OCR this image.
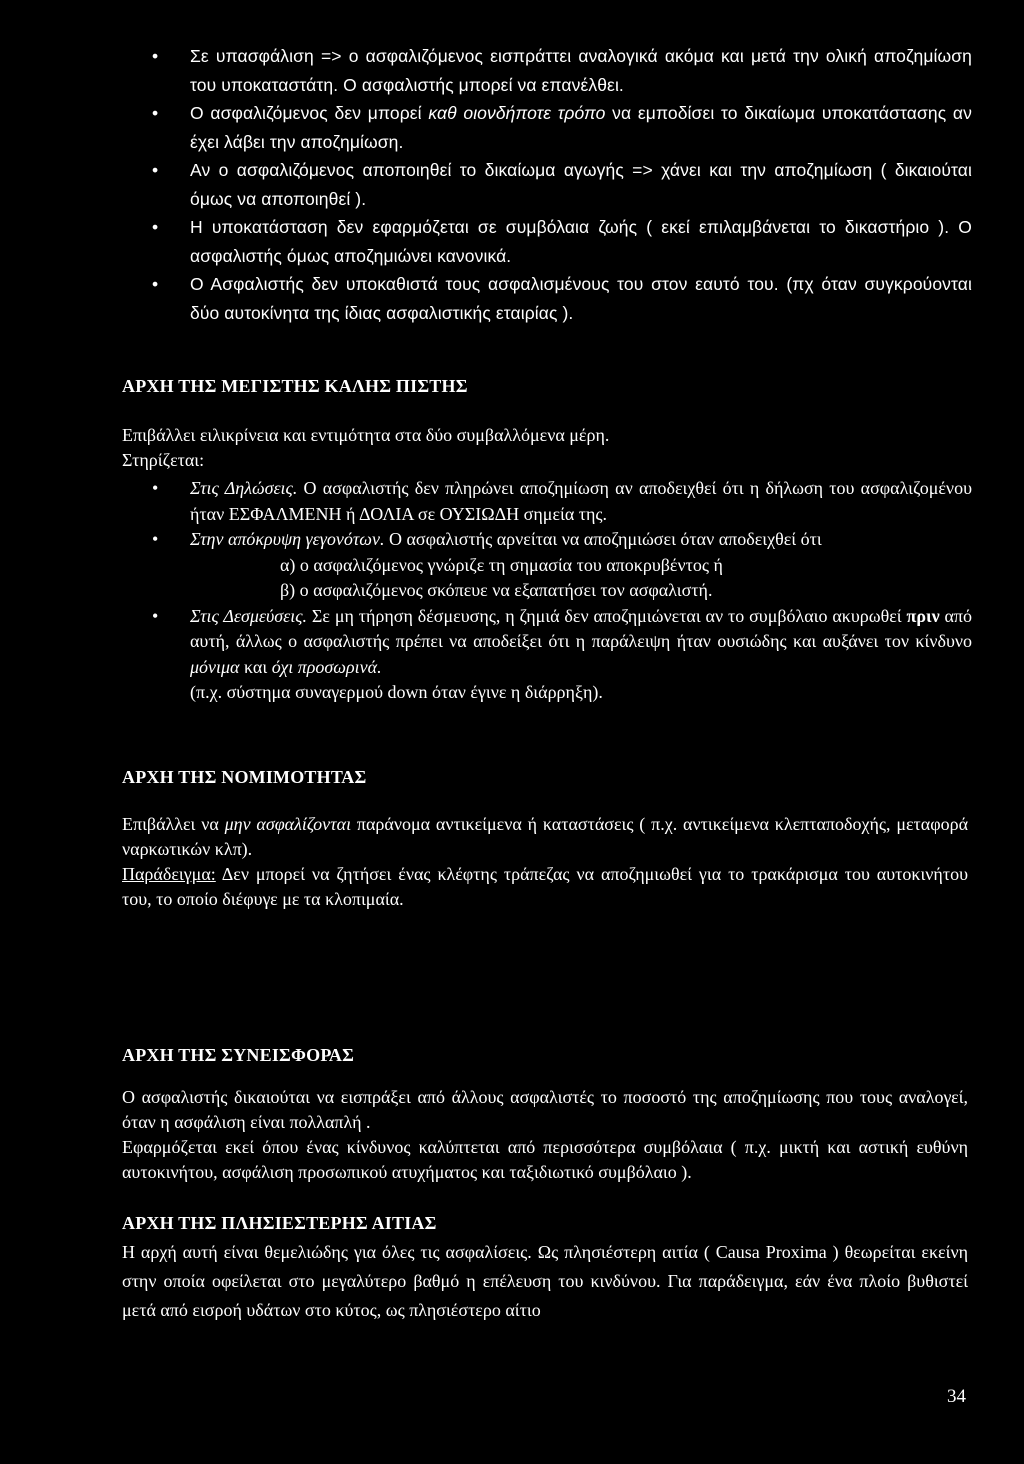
• Σε υπασφάλιση => ο ασφαλιζόμενος εισπράττει αναλογικά ακόμα και μετά την ολική αποζημίωση του υποκαταστάτη. Ο ασφαλιστής μπορεί να επανέλθει.
• Ο ασφαλιζόμενος δεν μπορεί καθ οιονδήποτε τρόπο να εμποδίσει το δικαίωμα υποκατάστασης αν έχει λάβει την αποζημίωση.
• Αν ο ασφαλιζόμενος αποποιηθεί το δικαίωμα αγωγής => χάνει και την αποζημίωση ( δικαιούται όμως να αποποιηθεί ).
• Η υποκατάσταση δεν εφαρμόζεται σε συμβόλαια ζωής ( εκεί επιλαμβάνεται το δικαστήριο ). Ο ασφαλιστής όμως αποζημιώνει κανονικά.
• Ο Ασφαλιστής δεν υποκαθιστά τους ασφαλισμένους του στον εαυτό του. (πχ όταν συγκρούονται δύο αυτοκίνητα της ίδιας ασφαλιστικής εταιρίας ).
ΑΡΧΗ ΤΗΣ ΜΕΓΙΣΤΗΣ ΚΑΛΗΣ ΠΙΣΤΗΣ

Επιβάλλει ειλικρίνεια και εντιμότητα στα δύο συμβαλλόμενα μέρη.
Στηρίζεται:

• Στις Δηλώσεις. Ο ασφαλιστής δεν πληρώνει αποζημίωση αν αποδειχθεί ότι η δήλωση του ασφαλιζομένου ήταν ΕΣΦΑΛΜΕΝΗ ή ΔΟΛΙΑ σε ΟΥΣΙΩΔΗ σημεία της.
• Στην απόκρυψη γεγονότων. Ο ασφαλιστής αρνείται να αποζημιώσει όταν αποδειχθεί ότι
α) ο ασφαλιζόμενος γνώριζε τη σημασία του αποκρυβέντος ή
β) ο ασφαλιζόμενος σκόπευε να εξαπατήσει τον ασφαλιστή.
• Στις Δεσμεύσεις. Σε μη τήρηση δέσμευσης, η ζημιά δεν αποζημιώνεται αν το συμβόλαιο ακυρωθεί πριν από αυτή, άλλως ο ασφαλιστής πρέπει να αποδείξει ότι η παράλειψη ήταν ουσιώδης και αυξάνει τον κίνδυνο μόνιμα και όχι προσωρινά.
(π.χ. σύστημα συναγερμού down όταν έγινε η διάρρηξη).
ΑΡΧΗ ΤΗΣ ΝΟΜΙΜΟΤΗΤΑΣ

Επιβάλλει να μην ασφαλίζονται παράνομα αντικείμενα ή καταστάσεις ( π.χ. αντικείμενα κλεπταποδοχής, μεταφορά ναρκωτικών κλπ).
Παράδειγμα: Δεν μπορεί να ζητήσει ένας κλέφτης τράπεζας να αποζημιωθεί για το τρακάρισμα του αυτοκινήτου του, το οποίο διέφυγε με τα κλοπιμαία.

ΑΡΧΗ ΤΗΣ ΣΥΝΕΙΣΦΟΡΑΣ

Ο ασφαλιστής δικαιούται να εισπράξει από άλλους ασφαλιστές το ποσοστό της αποζημίωσης που τους αναλογεί, όταν η ασφάλιση είναι πολλαπλή .
Εφαρμόζεται εκεί όπου ένας κίνδυνος καλύπτεται από περισσότερα συμβόλαια ( π.χ. μικτή και αστική ευθύνη αυτοκινήτου, ασφάλιση προσωπικού ατυχήματος και ταξιδιωτικό συμβόλαιο ).

ΑΡΧΗ ΤΗΣ ΠΛΗΣΙΕΣΤΕΡΗΣ ΑΙΤΙΑΣ

Η αρχή αυτή είναι θεμελιώδης για όλες τις ασφαλίσεις. Ως πλησιέστερη αιτία ( Causa Proxima ) θεωρείται εκείνη στην οποία οφείλεται στο μεγαλύτερο βαθμό η επέλευση του κινδύνου. Για παράδειγμα, εάν ένα πλοίο βυθιστεί μετά από εισροή υδάτων στο κύτος, ως πλησιέστερο αίτιο

34
